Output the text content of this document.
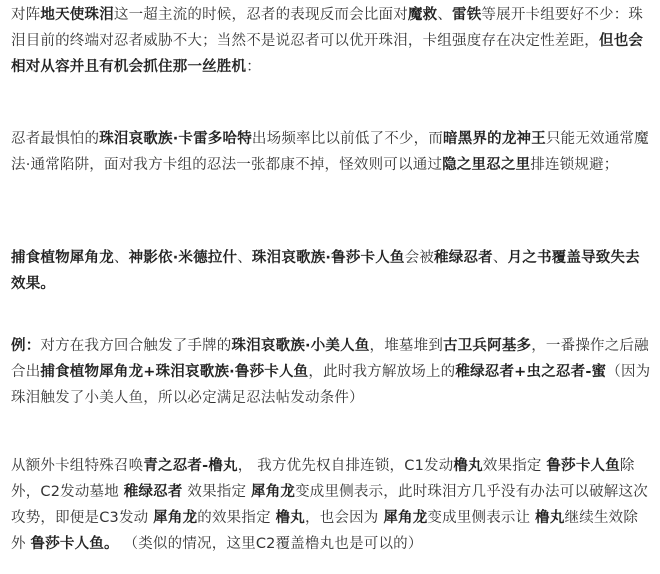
对阵地天使珠泪这一超主流的时候，忍者的表现反而会比面对魔救、雷铁等展开卡组要好不少：珠泪目前的终端对忍者威胁不大；当然不是说忍者可以优开珠泪，卡组强度存在决定性差距，但也会相对从容并且有机会抓住那一丝胜机：

忍者最惧怕的珠泪哀歌族·卡雷多哈特出场频率比以前低了不少，而暗黑界的龙神王只能无效通常魔法·通常陷阱，面对我方卡组的忍法一张都康不掉，怪效则可以通过隐之里忍之里排连锁规避；

捕食植物犀角龙、神影依·米德拉什、珠泪哀歌族·鲁莎卡人鱼会被稚绿忍者、月之书覆盖导致失去效果。

例：对方在我方回合触发了手牌的珠泪哀歌族·小美人鱼，堆墓堆到古卫兵阿基多，一番操作之后融合出捕食植物犀角龙+珠泪哀歌族·鲁莎卡人鱼，此时我方解放场上的稚绿忍者+虫之忍者-蜜（因为珠泪触发了小美人鱼，所以必定满足忍法帖发动条件）

从额外卡组特殊召唤青之忍者-橹丸， 我方优先权自排连锁，C1发动橹丸效果指定 鲁莎卡人鱼除外，C2发动墓地 稚绿忍者 效果指定 犀角龙变成里侧表示，此时珠泪方几乎没有办法可以破解这次攻势，即便是C3发动 犀角龙的效果指定 橹丸，也会因为 犀角龙变成里侧表示让 橹丸继续生效除外 鲁莎卡人鱼。 （类似的情况，这里C2覆盖橹丸也是可以的）
